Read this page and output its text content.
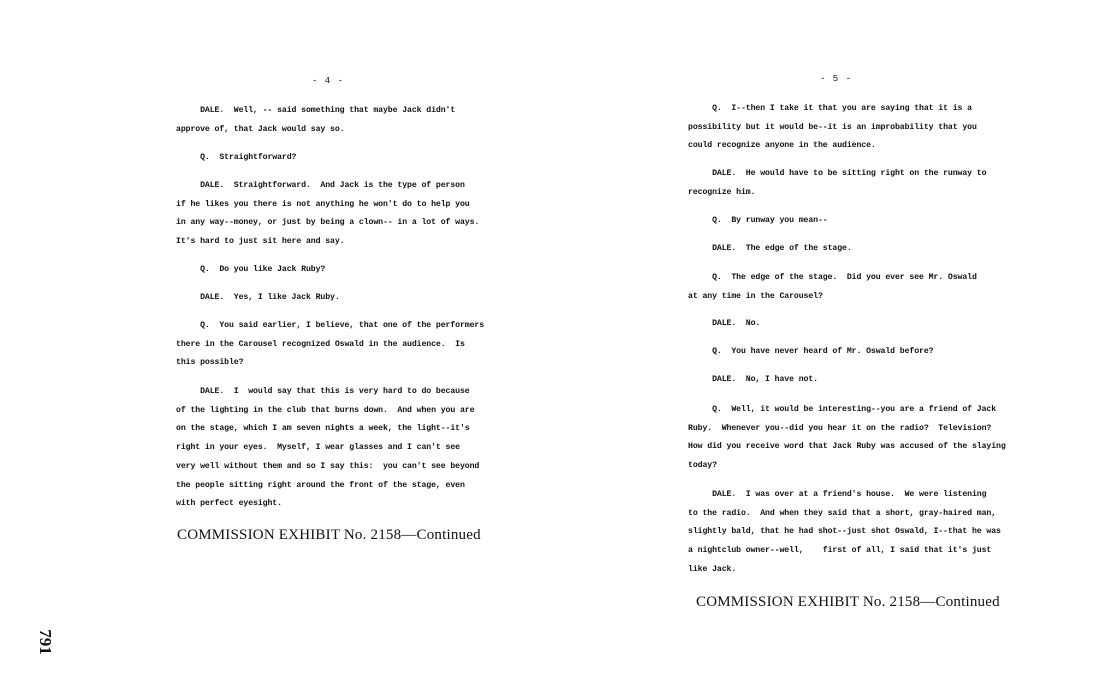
- 4 -

DALE.  Well, -- said something that maybe Jack didn't
approve of, that Jack would say so.

Q.  Straightforward?

DALE.  Straightforward.  And Jack is the type of person
if he likes you there is not anything he won't do to help you
in any way--money, or just by being a clown-- in a lot of ways.
It's hard to just sit here and say.

Q.  Do you like Jack Ruby?

DALE.  Yes, I like Jack Ruby.

Q.  You said earlier, I believe, that one of the performers
there in the Carousel recognized Oswald in the audience.  Is
this possible?

DALE.  I  would say that this is very hard to do because
of the lighting in the club that burns down.  And when you are
on the stage, which I am seven nights a week, the light--it's
right in your eyes.  Myself, I wear glasses and I can't see
very well without them and so I say this:  you can't see beyond
the people sitting right around the front of the stage, even
with perfect eyesight.

COMMISSION EXHIBIT No. 2158—Continued
- 5 -

Q.  I--then I take it that you are saying that it is a
possibility but it would be--it is an improbability that you
could recognize anyone in the audience.

DALE.  He would have to be sitting right on the runway to
recognize him.

Q.  By runway you mean--

DALE.  The edge of the stage.

Q.  The edge of the stage.  Did you ever see Mr. Oswald
at any time in the Carousel?

DALE.  No.

Q.  You have never heard of Mr. Oswald before?

DALE.  No, I have not.

Q.  Well, it would be interesting--you are a friend of Jack
Ruby.  Whenever you--did you hear it on the radio?  Television?
How did you receive word that Jack Ruby was accused of the slaying
today?

DALE.  I was over at a friend's house.  We were listening
to the radio.  And when they said that a short, gray-haired man,
slightly bald, that he had shot--just shot Oswald, I--that he was
a nightclub owner--well,    first of all, I said that it's just
like Jack.

COMMISSION EXHIBIT No. 2158—Continued
791
